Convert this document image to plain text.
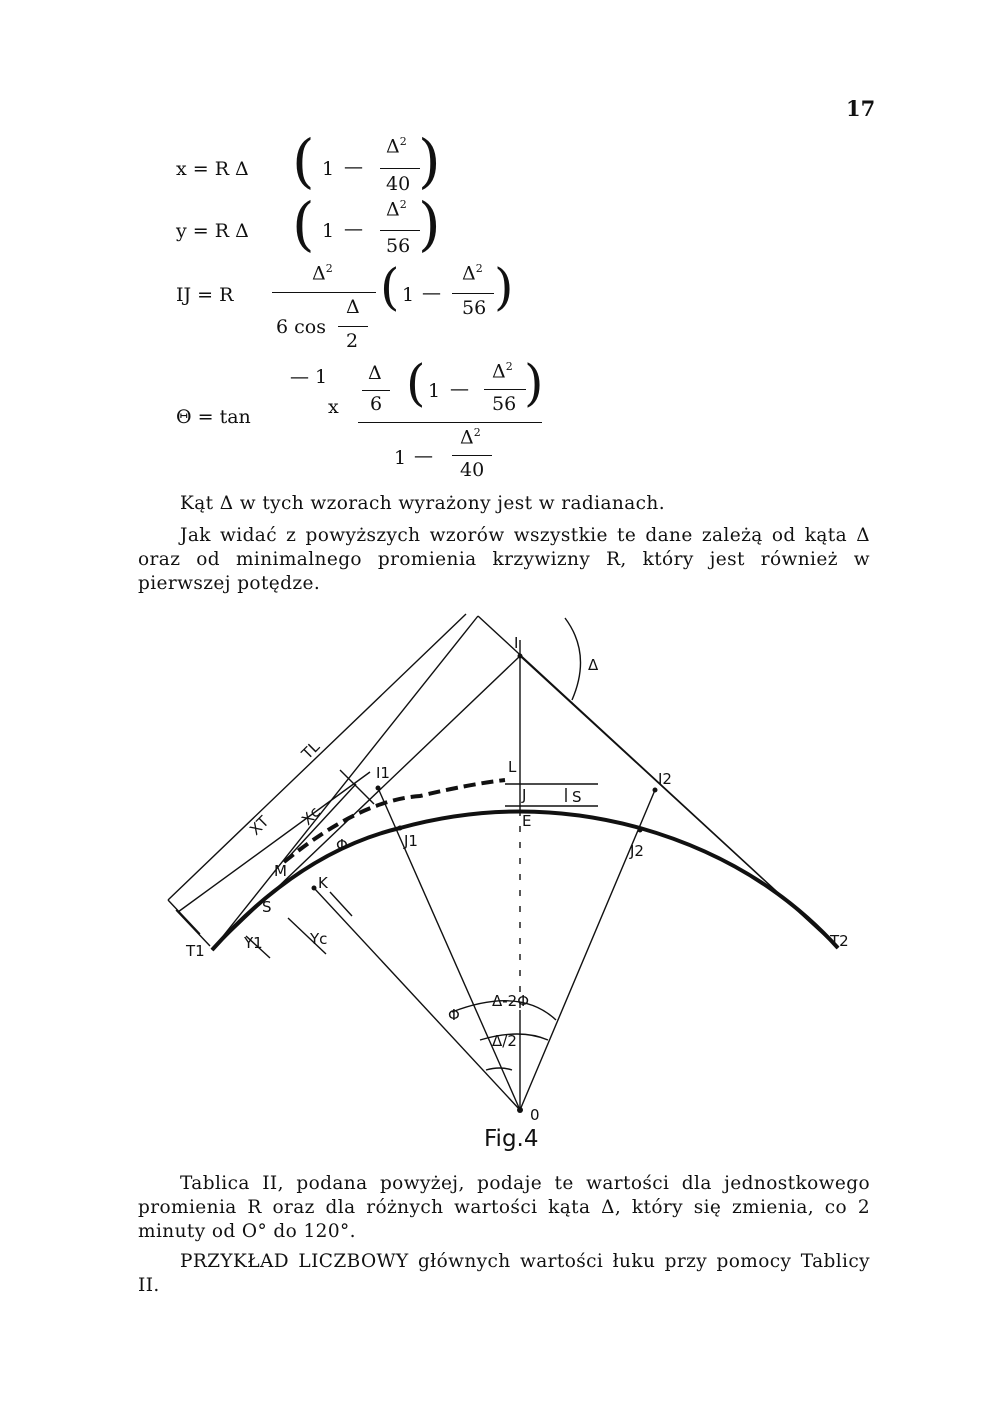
17
x = R Δ ( 1 —
$\Delta^2$
40 )
y = R Δ ( 1 —
$\Delta^2$
56 )
IJ = R
$\Delta^2$
Δ
6 cos
2
( 1 —
$\Delta^2$
56 )
Θ = tan
— 1
x
Δ
6 ( 1 —
$\Delta^2$
56 )
1 —
$\Delta^2$
40
Kąt Δ w tych wzorach wyrażony jest w radianach.
Jak widać z powyższych wzorów wszystkie te dane zależą od kąta Δ oraz od minimalnego promienia krzywizny R, który jest również w pierwszej potędze.
I
Δ
TL
XT Xc
I1	I2
L
J	S
E
J1
J2
M
Φ
K
S
T1
T2
Y1	Yc
Δ-2Φ
Φ
Δ/2
0
Fig.4
Tablica II, podana powyżej, podaje te wartości dla jednostkowego promienia R oraz dla różnych wartości kąta Δ, który się zmienia, co 2 minuty od O° do 120°.
PRZYKŁAD LICZBOWY głównych wartości łuku przy pomocy Tablicy II.
